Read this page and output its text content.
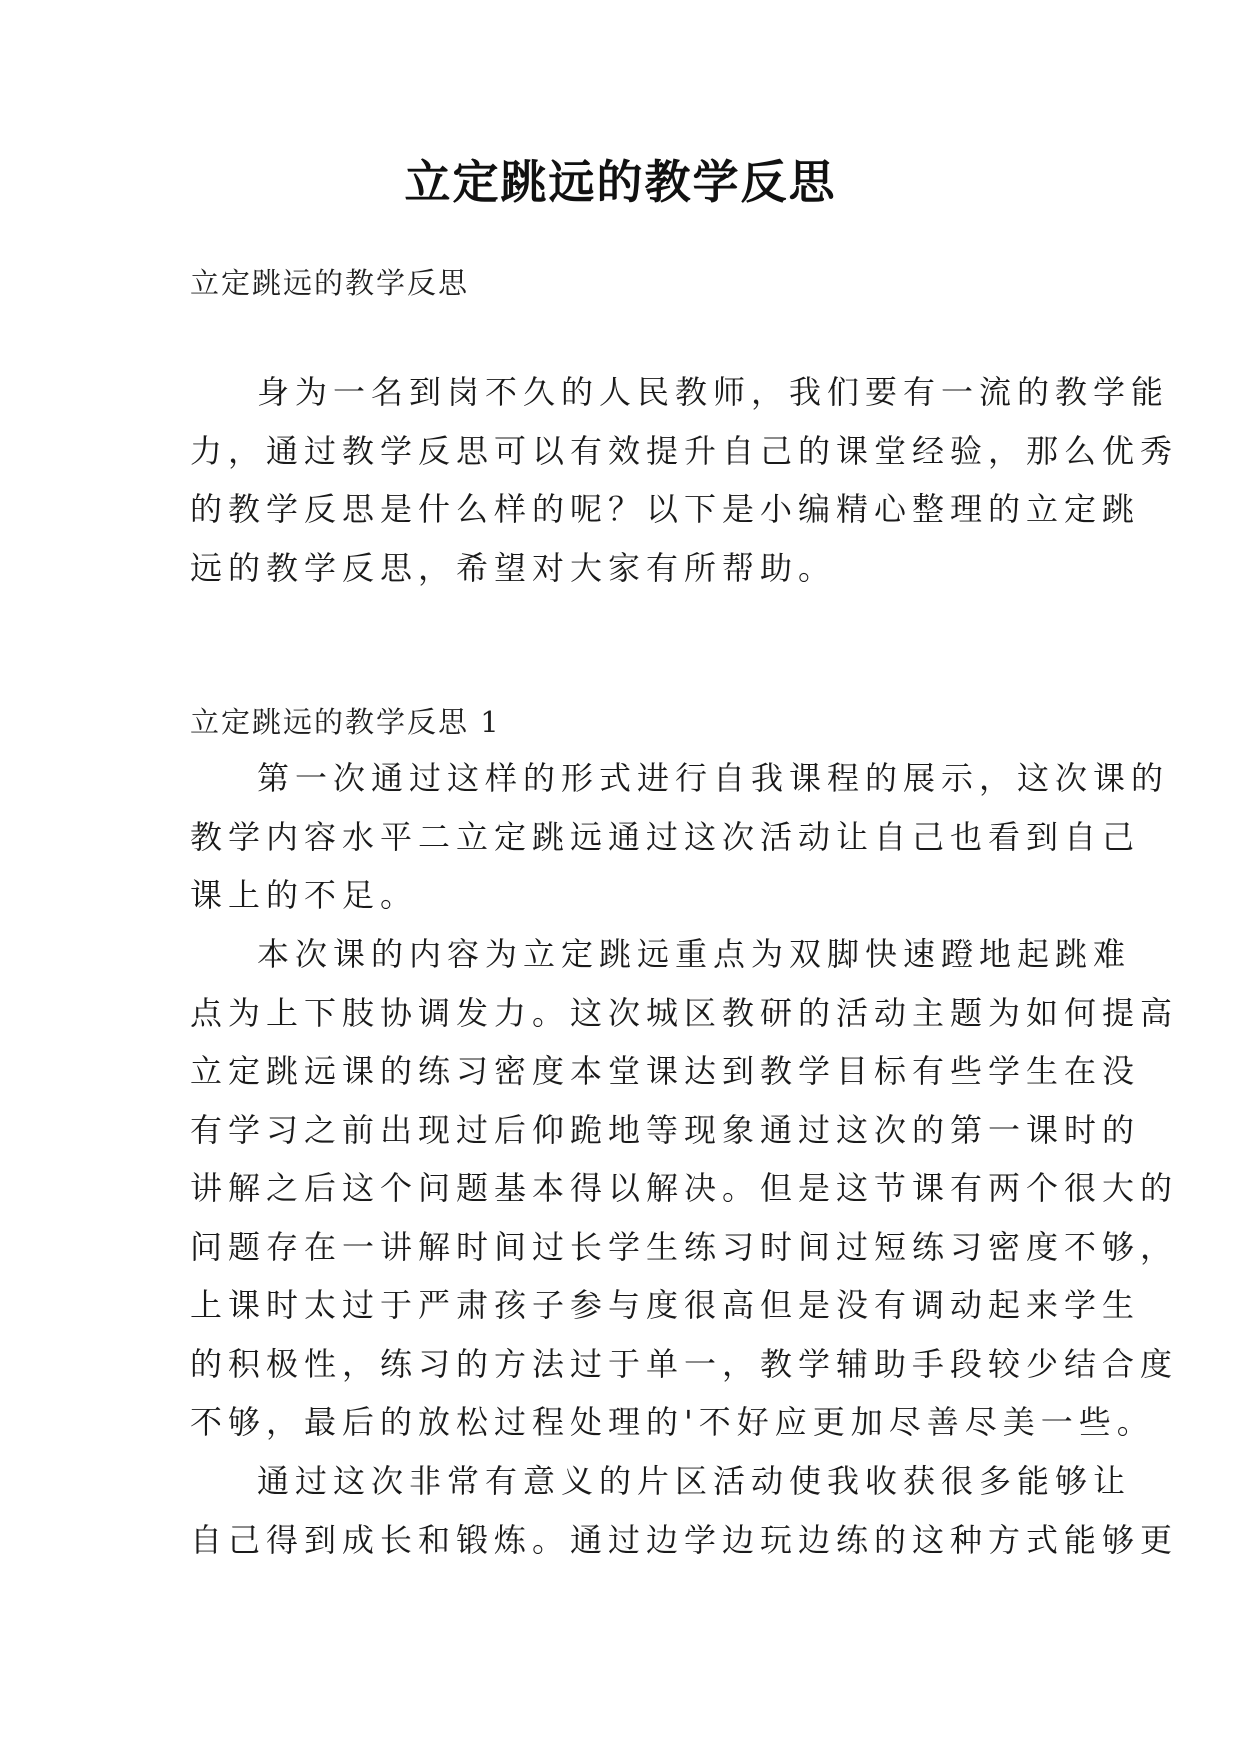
立定跳远的教学反思
立定跳远的教学反思
身为一名到岗不久的人民教师，我们要有一流的教学能
力，通过教学反思可以有效提升自己的课堂经验，那么优秀
的教学反思是什么样的呢？以下是小编精心整理的立定跳
远的教学反思，希望对大家有所帮助。
立定跳远的教学反思 1
第一次通过这样的形式进行自我课程的展示，这次课的
教学内容水平二立定跳远通过这次活动让自己也看到自己
课上的不足。
本次课的内容为立定跳远重点为双脚快速蹬地起跳难
点为上下肢协调发力。这次城区教研的活动主题为如何提高
立定跳远课的练习密度本堂课达到教学目标有些学生在没
有学习之前出现过后仰跪地等现象通过这次的第一课时的
讲解之后这个问题基本得以解决。但是这节课有两个很大的
问题存在一讲解时间过长学生练习时间过短练习密度不够，
上课时太过于严肃孩子参与度很高但是没有调动起来学生
的积极性，练习的方法过于单一，教学辅助手段较少结合度
不够，最后的放松过程处理的'不好应更加尽善尽美一些。
通过这次非常有意义的片区活动使我收获很多能够让
自己得到成长和锻炼。通过边学边玩边练的这种方式能够更
